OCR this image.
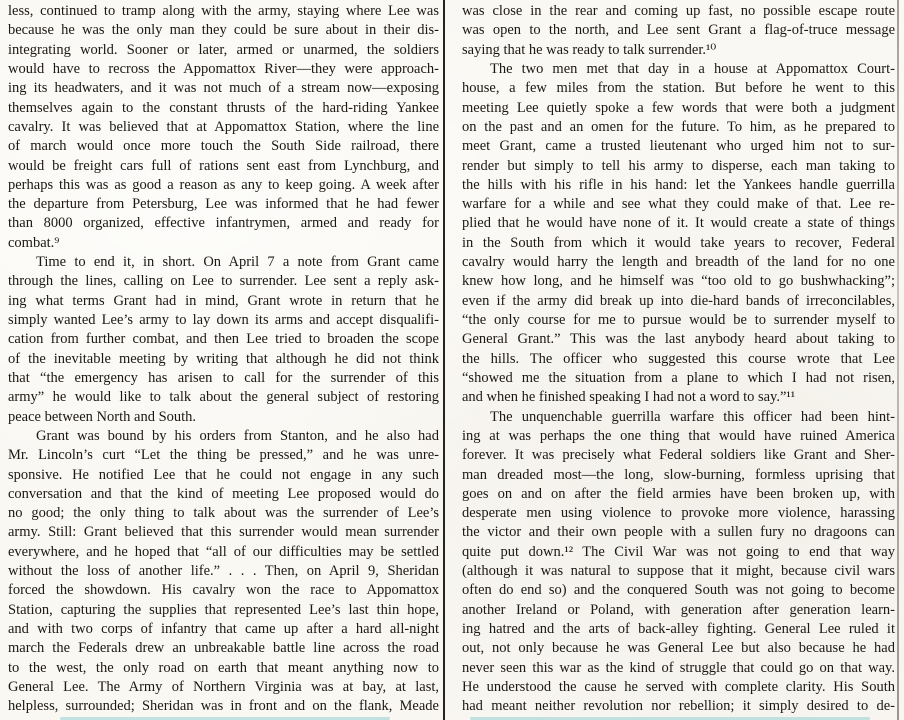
less, continued to tramp along with the army, staying where Lee was
because he was the only man they could be sure about in their dis-
integrating world. Sooner or later, armed or unarmed, the soldiers
would have to recross the Appomattox River—they were approach-
ing its headwaters, and it was not much of a stream now—exposing
themselves again to the constant thrusts of the hard-riding Yankee
cavalry. It was believed that at Appomattox Station, where the line
of march would once more touch the South Side railroad, there
would be freight cars full of rations sent east from Lynchburg, and
perhaps this was as good a reason as any to keep going. A week after
the departure from Petersburg, Lee was informed that he had fewer
than 8000 organized, effective infantrymen, armed and ready for
combat.⁹
Time to end it, in short. On April 7 a note from Grant came
through the lines, calling on Lee to surrender. Lee sent a reply ask-
ing what terms Grant had in mind, Grant wrote in return that he
simply wanted Lee’s army to lay down its arms and accept disqualifi-
cation from further combat, and then Lee tried to broaden the scope
of the inevitable meeting by writing that although he did not think
that “the emergency has arisen to call for the surrender of this
army” he would like to talk about the general subject of restoring
peace between North and South.
Grant was bound by his orders from Stanton, and he also had
Mr. Lincoln’s curt “Let the thing be pressed,” and he was unre-
sponsive. He notified Lee that he could not engage in any such
conversation and that the kind of meeting Lee proposed would do
no good; the only thing to talk about was the surrender of Lee’s
army. Still: Grant believed that this surrender would mean surrender
everywhere, and he hoped that “all of our difficulties may be settled
without the loss of another life.” . . . Then, on April 9, Sheridan
forced the showdown. His cavalry won the race to Appomattox
Station, capturing the supplies that represented Lee’s last thin hope,
and with two corps of infantry that came up after a hard all-night
march the Federals drew an unbreakable battle line across the road
to the west, the only road on earth that meant anything now to
General Lee. The Army of Northern Virginia was at bay, at last,
helpless, surrounded; Sheridan was in front and on the flank, Meade
was close in the rear and coming up fast, no possible escape route
was open to the north, and Lee sent Grant a flag-of-truce message
saying that he was ready to talk surrender.¹⁰
The two men met that day in a house at Appomattox Court-
house, a few miles from the station. But before he went to this
meeting Lee quietly spoke a few words that were both a judgment
on the past and an omen for the future. To him, as he prepared to
meet Grant, came a trusted lieutenant who urged him not to sur-
render but simply to tell his army to disperse, each man taking to
the hills with his rifle in his hand: let the Yankees handle guerrilla
warfare for a while and see what they could make of that. Lee re-
plied that he would have none of it. It would create a state of things
in the South from which it would take years to recover, Federal
cavalry would harry the length and breadth of the land for no one
knew how long, and he himself was “too old to go bushwhacking”;
even if the army did break up into die-hard bands of irreconcilables,
“the only course for me to pursue would be to surrender myself to
General Grant.” This was the last anybody heard about taking to
the hills. The officer who suggested this course wrote that Lee
“showed me the situation from a plane to which I had not risen,
and when he finished speaking I had not a word to say.”¹¹
The unquenchable guerrilla warfare this officer had been hint-
ing at was perhaps the one thing that would have ruined America
forever. It was precisely what Federal soldiers like Grant and Sher-
man dreaded most—the long, slow-burning, formless uprising that
goes on and on after the field armies have been broken up, with
desperate men using violence to provoke more violence, harassing
the victor and their own people with a sullen fury no dragoons can
quite put down.¹² The Civil War was not going to end that way
(although it was natural to suppose that it might, because civil wars
often do end so) and the conquered South was not going to become
another Ireland or Poland, with generation after generation learn-
ing hatred and the arts of back-alley fighting. General Lee ruled it
out, not only because he was General Lee but also because he had
never seen this war as the kind of struggle that could go on that way.
He understood the cause he served with complete clarity. His South
had meant neither revolution nor rebellion; it simply desired to de-
